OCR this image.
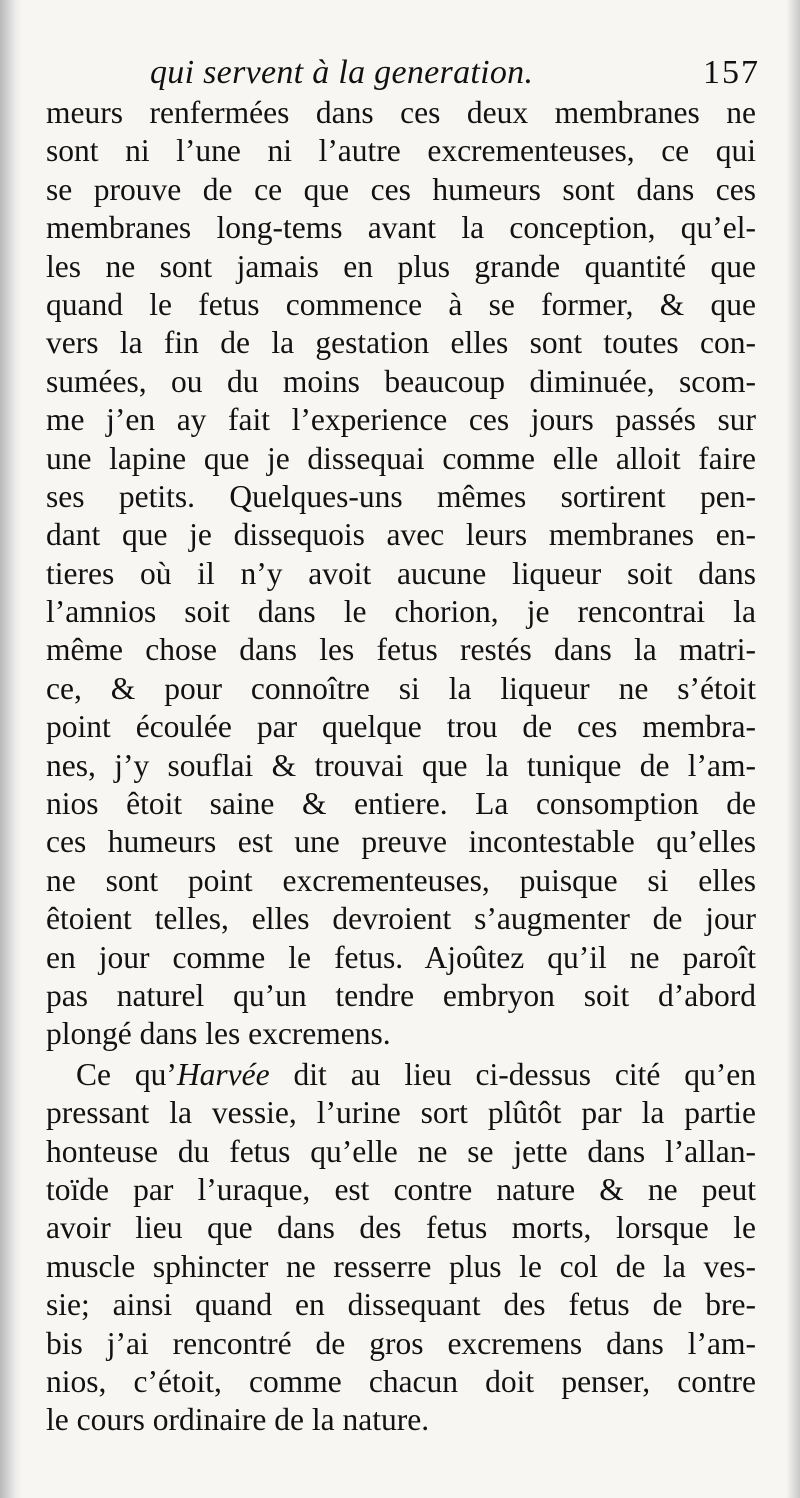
qui servent à la generation.	157
meurs renfermées dans ces deux membranes ne
sont ni l’une ni l’autre excrementeuses, ce qui
se prouve de ce que ces humeurs sont dans ces
membranes long-tems avant la conception, qu’el-
les ne sont jamais en plus grande quantité que
quand le fetus commence à se former, & que
vers la fin de la gestation elles sont toutes con-
sumées, ou du moins beaucoup diminuée, scom-
me j’en ay fait l’experience ces jours passés sur
une lapine que je dissequai comme elle alloit faire
ses petits. Quelques-uns mêmes sortirent pen-
dant que je dissequois avec leurs membranes en-
tieres où il n’y avoit aucune liqueur soit dans
l’amnios soit dans le chorion, je rencontrai la
même chose dans les fetus restés dans la matri-
ce, & pour connoître si la liqueur ne s’étoit
point écoulée par quelque trou de ces membra-
nes, j’y souflai & trouvai que la tunique de l’am-
nios êtoit saine & entiere. La consomption de
ces humeurs est une preuve incontestable qu’elles
ne sont point excrementeuses, puisque si elles
êtoient telles, elles devroient s’augmenter de jour
en jour comme le fetus. Ajoûtez qu’il ne paroît
pas naturel qu’un tendre embryon soit d’abord
plongé dans les excremens.
Ce qu’Harvée dit au lieu ci-dessus cité qu’en
pressant la vessie, l’urine sort plûtôt par la partie
honteuse du fetus qu’elle ne se jette dans l’allan-
toïde par l’uraque, est contre nature & ne peut
avoir lieu que dans des fetus morts, lorsque le
muscle sphincter ne resserre plus le col de la ves-
sie; ainsi quand en dissequant des fetus de bre-
bis j’ai rencontré de gros excremens dans l’am-
nios, c’étoit, comme chacun doit penser, contre
le cours ordinaire de la nature.
